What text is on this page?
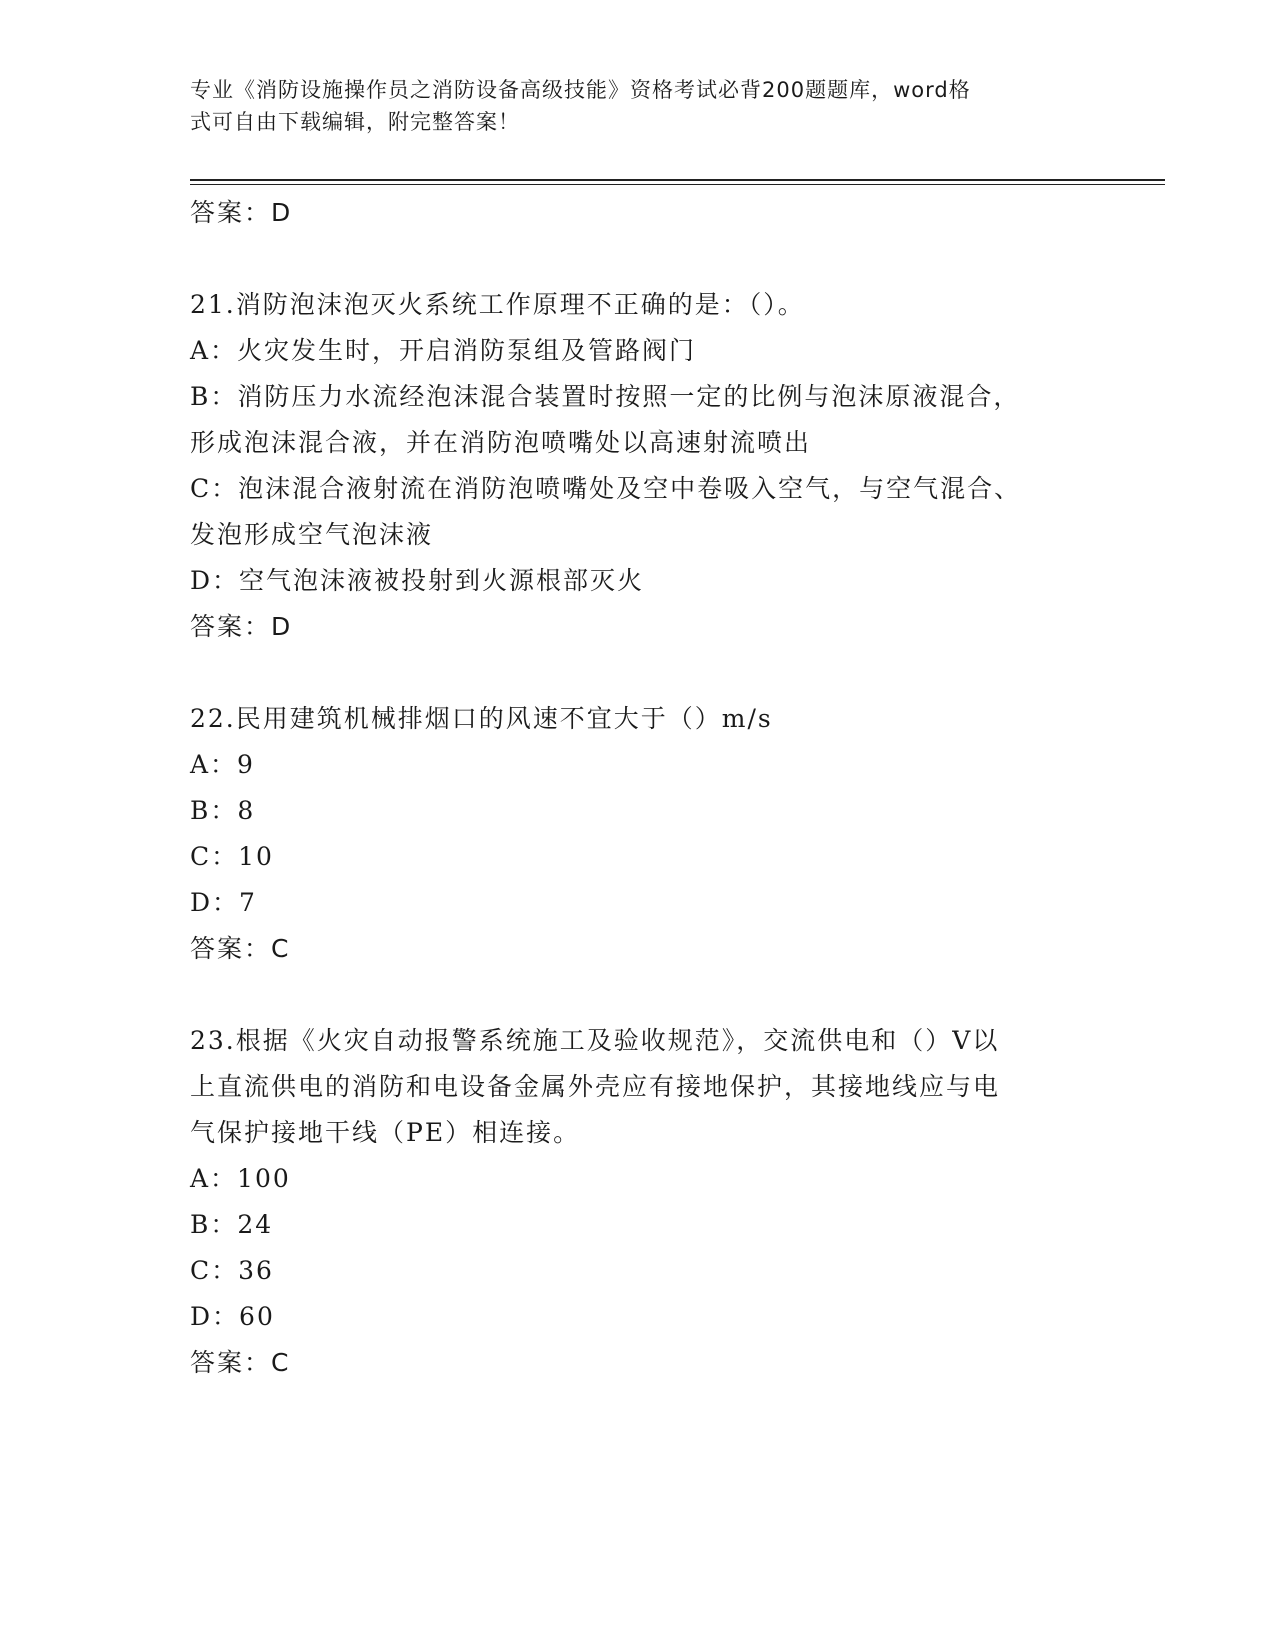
专业《消防设施操作员之消防设备高级技能》资格考试必背200题题库，word格
式可自由下载编辑，附完整答案！
答案：D
21.消防泡沫泡灭火系统工作原理不正确的是：（）。
A：火灾发生时，开启消防泵组及管路阀门
B：消防压力水流经泡沫混合装置时按照一定的比例与泡沫原液混合，
形成泡沫混合液，并在消防泡喷嘴处以高速射流喷出
C：泡沫混合液射流在消防泡喷嘴处及空中卷吸入空气，与空气混合、
发泡形成空气泡沫液
D：空气泡沫液被投射到火源根部灭火
答案：D
22.民用建筑机械排烟口的风速不宜大于（）m/s
A：9
B：8
C：10
D：7
答案：C
23.根据《火灾自动报警系统施工及验收规范》，交流供电和（）V以
上直流供电的消防和电设备金属外壳应有接地保护，其接地线应与电
气保护接地干线（PE）相连接。
A：100
B：24
C：36
D：60
答案：C
